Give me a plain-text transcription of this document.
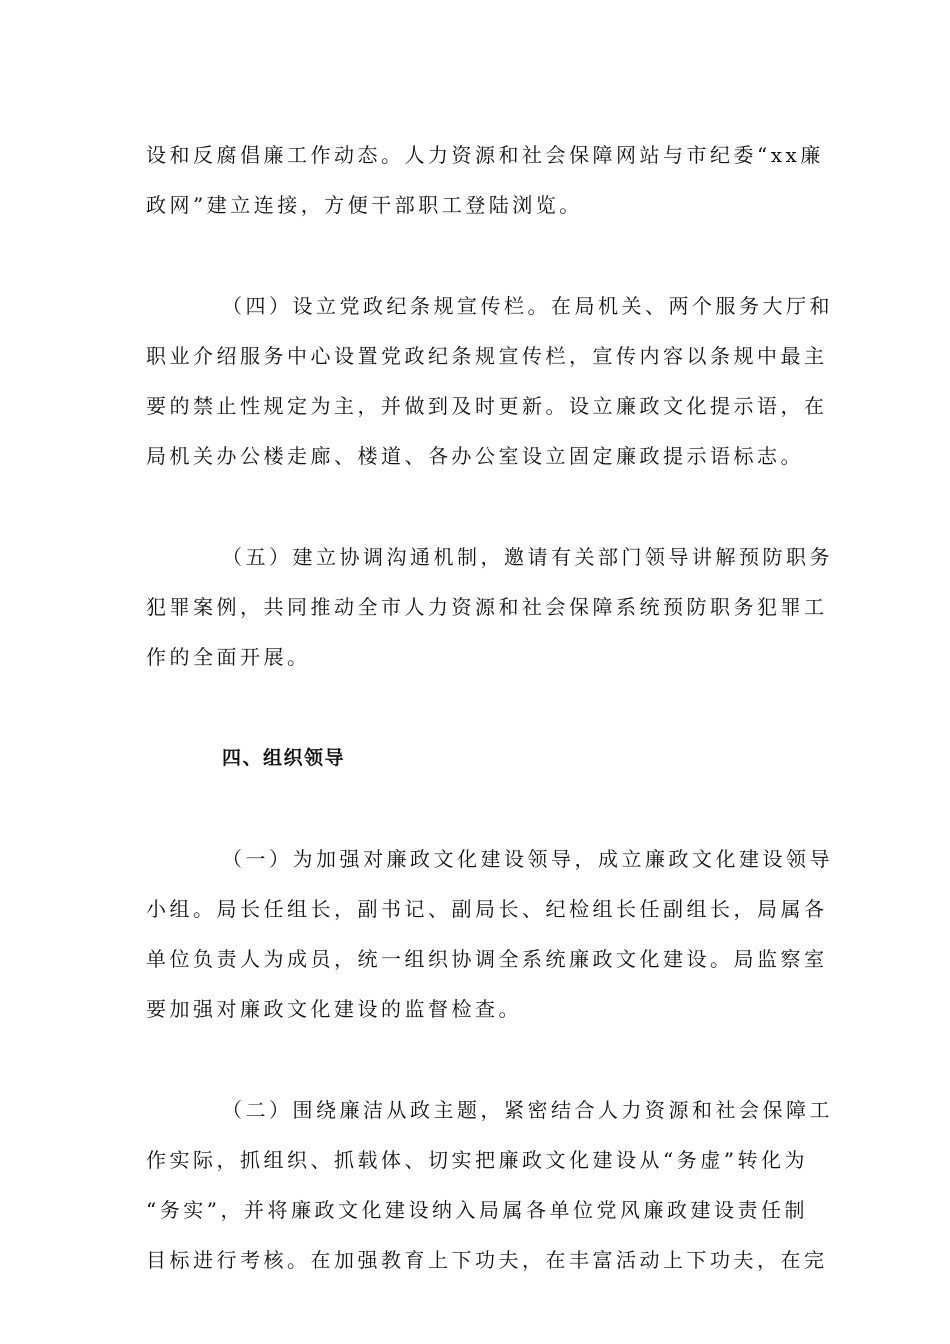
设和反腐倡廉工作动态。人力资源和社会保障网站与市纪委“xx廉
政网”建立连接，方便干部职工登陆浏览。
（四）设立党政纪条规宣传栏。在局机关、两个服务大厅和
职业介绍服务中心设置党政纪条规宣传栏，宣传内容以条规中最主
要的禁止性规定为主，并做到及时更新。设立廉政文化提示语，在
局机关办公楼走廊、楼道、各办公室设立固定廉政提示语标志。
（五）建立协调沟通机制，邀请有关部门领导讲解预防职务
犯罪案例，共同推动全市人力资源和社会保障系统预防职务犯罪工
作的全面开展。
四、组织领导
（一）为加强对廉政文化建设领导，成立廉政文化建设领导
小组。局长任组长，副书记、副局长、纪检组长任副组长，局属各
单位负责人为成员，统一组织协调全系统廉政文化建设。局监察室
要加强对廉政文化建设的监督检查。
（二）围绕廉洁从政主题，紧密结合人力资源和社会保障工
作实际，抓组织、抓载体、切实把廉政文化建设从“务虚”转化为
“务实”，并将廉政文化建设纳入局属各单位党风廉政建设责任制
目标进行考核。在加强教育上下功夫，在丰富活动上下功夫，在完
